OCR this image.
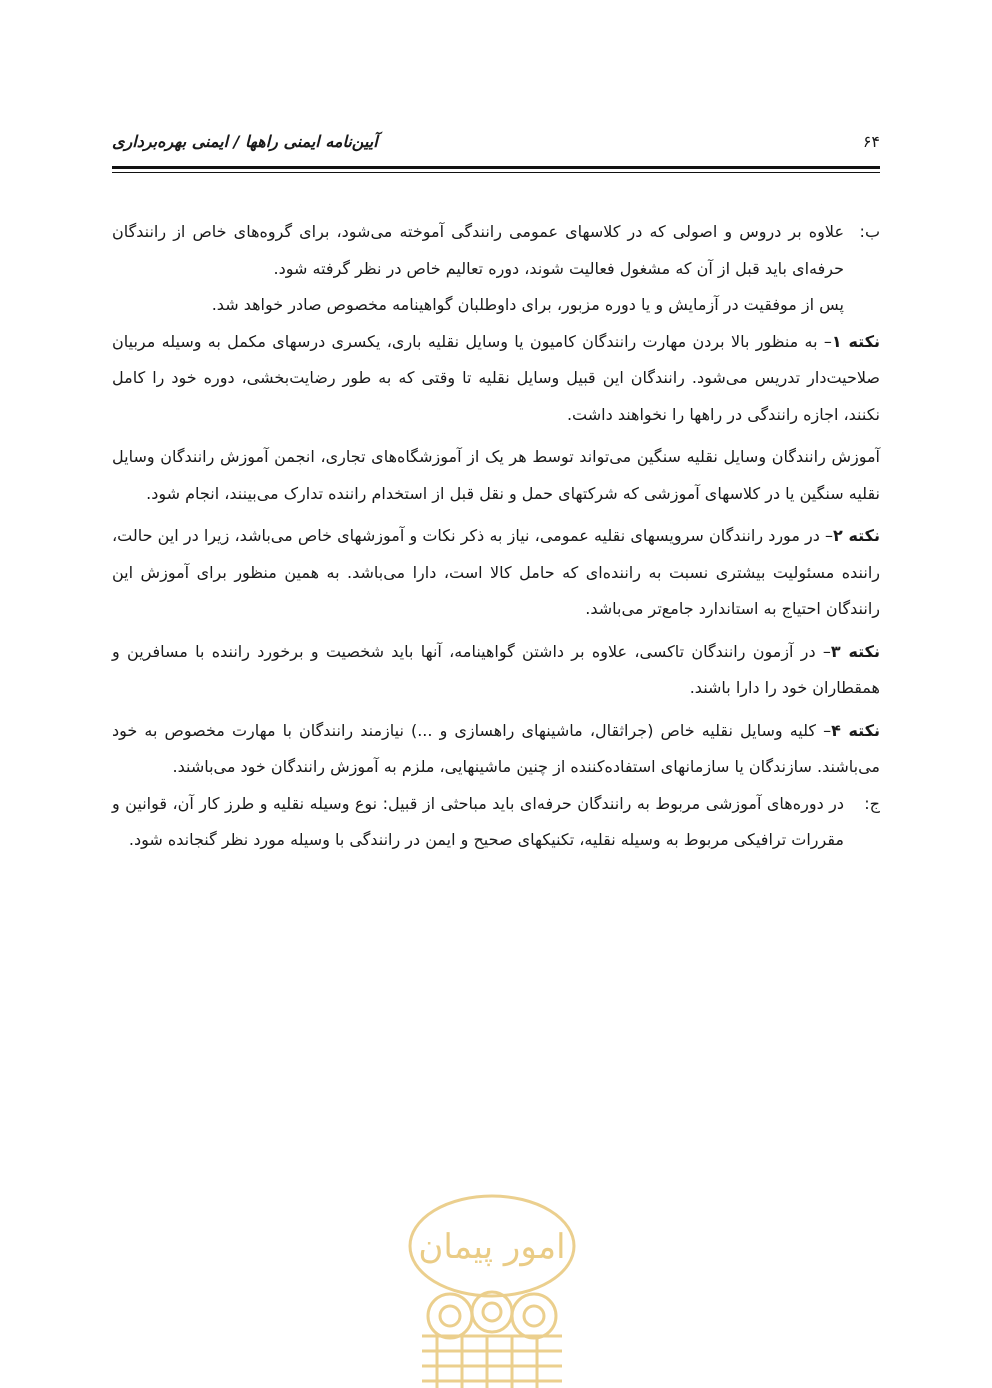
۶۴
آیین‌نامه ایمنی راهها / ایمنی بهره‌برداری
ب:
علاوه بر دروس و اصولی که در کلاسهای عمومی رانندگی آموخته می‌شود، برای گروه‌های خاص از رانندگان حرفه‌ای باید قبل از آن که مشغول فعالیت شوند، دوره تعالیم خاص در نظر گرفته شود.
پس از موفقیت در آزمایش و یا دوره مزبور، برای داوطلبان گواهینامه مخصوص صادر خواهد شد.

نکته ۱– به منظور بالا بردن مهارت رانندگان کامیون یا وسایل نقلیه باری، یکسری درسهای مکمل به وسیله مربیان صلاحیت‌دار تدریس می‌شود. رانندگان این قبیل وسایل نقلیه تا وقتی که به طور رضایت‌بخشی، دوره خود را کامل نکنند، اجازه رانندگی در راهها را نخواهند داشت.

آموزش رانندگان وسایل نقلیه سنگین می‌تواند توسط هر یک از آموزشگاه‌های تجاری، انجمن آموزش رانندگان وسایل نقلیه سنگین یا در کلاسهای آموزشی که شرکتهای حمل و نقل قبل از استخدام راننده تدارک می‌بینند، انجام شود.

نکته ۲– در مورد رانندگان سرویسهای نقلیه عمومی، نیاز به ذکر نکات و آموزشهای خاص می‌باشد، زیرا در این حالت، راننده مسئولیت بیشتری نسبت به راننده‌ای که حامل کالا است، دارا می‌باشد. به همین منظور برای آموزش این رانندگان احتیاج به استاندارد جامع‌تر می‌باشد.

نکته ۳– در آزمون رانندگان تاکسی، علاوه بر داشتن گواهینامه، آنها باید شخصیت و برخورد راننده با مسافرین و همقطاران خود را دارا باشند.

نکته ۴– کلیه وسایل نقلیه خاص (جراثقال، ماشینهای راهسازی و ...) نیازمند رانندگان با مهارت مخصوص به خود می‌باشند. سازندگان یا سازمانهای استفاده‌کننده از چنین ماشینهایی، ملزم به آموزش رانندگان خود می‌باشند.

ج:
در دوره‌های آموزشی مربوط به رانندگان حرفه‌ای باید مباحثی از قبیل: نوع وسیله نقلیه و طرز کار آن، قوانین و مقررات ترافیکی مربوط به وسیله نقلیه، تکنیکهای صحیح و ایمن در رانندگی با وسیله مورد نظر گنجانده شود.
امور پیمان
